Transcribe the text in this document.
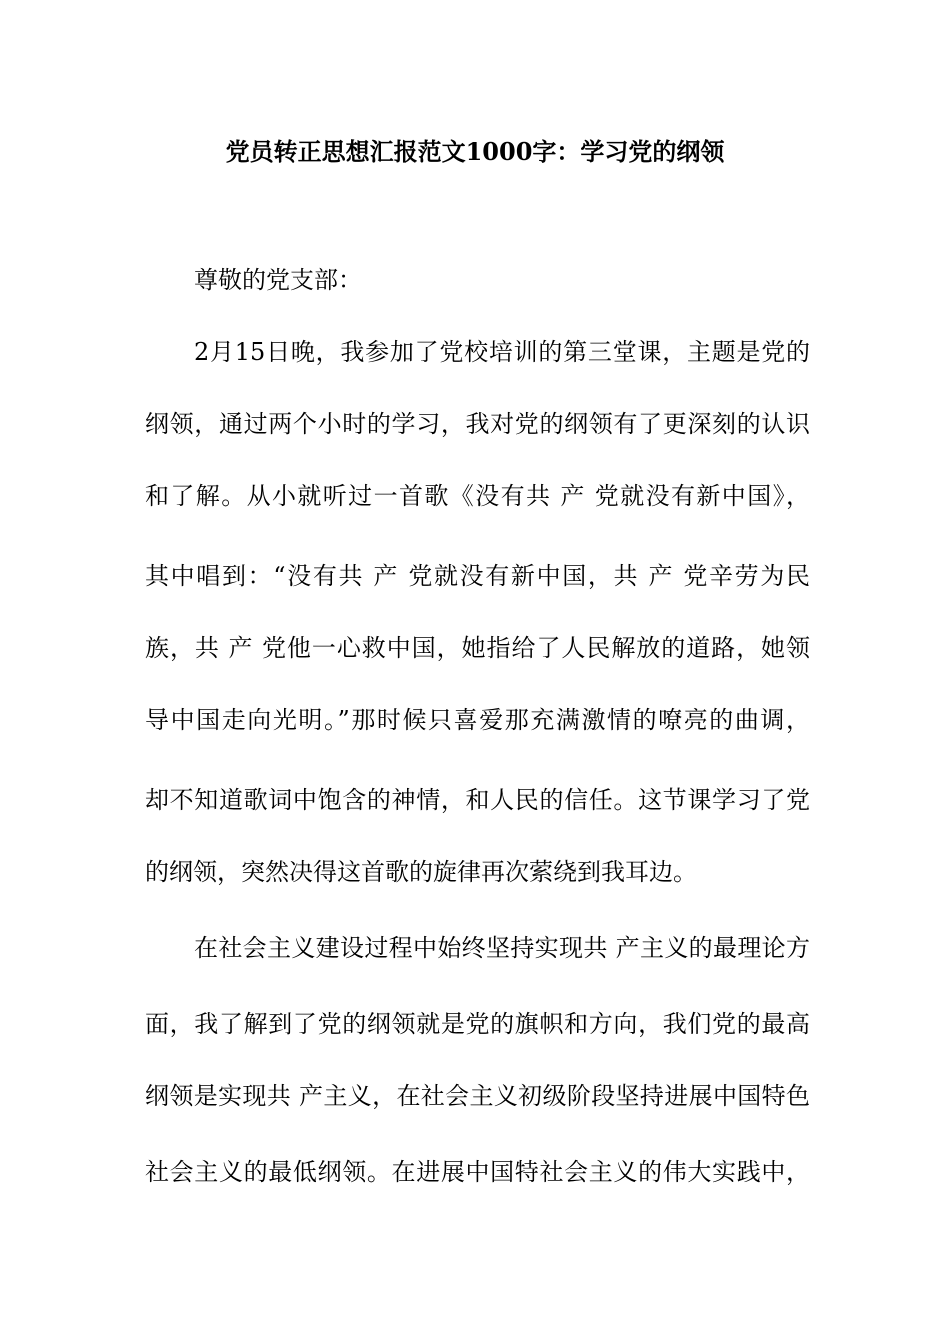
党员转正思想汇报范文1000字：学习党的纲领
尊敬的党支部：
2月15日晚，我参加了党校培训的第三堂课，主题是党的
纲领，通过两个小时的学习，我对党的纲领有了更深刻的认识
和了解。从小就听过一首歌《没有共 产 党就没有新中国》，
其中唱到：“没有共 产 党就没有新中国，共 产 党辛劳为民
族，共 产 党他一心救中国，她指给了人民解放的道路，她领
导中国走向光明。”那时候只喜爱那充满激情的嘹亮的曲调，
却不知道歌词中饱含的神情，和人民的信任。这节课学习了党
的纲领，突然决得这首歌的旋律再次萦绕到我耳边。
在社会主义建设过程中始终坚持实现共 产主义的最理论方
面，我了解到了党的纲领就是党的旗帜和方向，我们党的最高
纲领是实现共 产主义，在社会主义初级阶段坚持进展中国特色
社会主义的最低纲领。在进展中国特社会主义的伟大实践中，
